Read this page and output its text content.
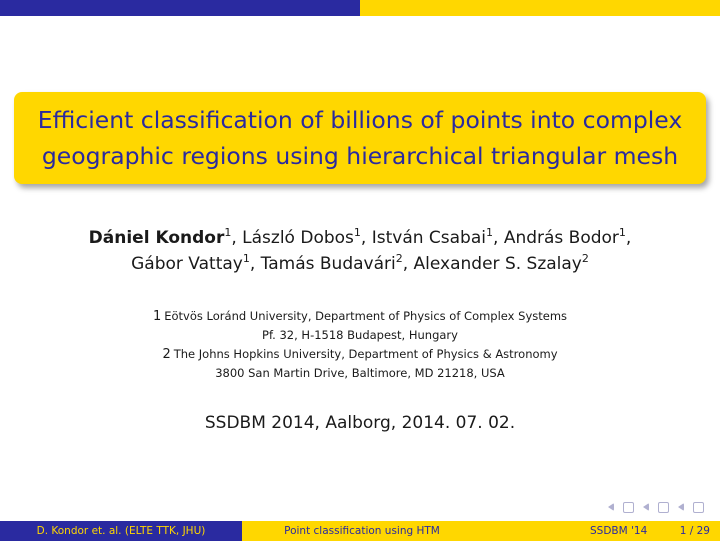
Efficient classification of billions of points into complex
geographic regions using hierarchical triangular mesh
Dániel Kondor$^1$, László Dobos$^1$, István Csabai$^1$, András Bodor$^1$,
Gábor Vattay$^1$, Tamás Budavári$^2$, Alexander S. Szalay$^2$
1 Eötvös Loránd University, Department of Physics of Complex Systems
Pf. 32, H-1518 Budapest, Hungary
2 The Johns Hopkins University, Department of Physics & Astronomy
3800 San Martin Drive, Baltimore, MD 21218, USA
SSDBM 2014, Aalborg, 2014. 07. 02.
D. Kondor et. al. (ELTE TTK, JHU)	Point classification using HTM	SSDBM '14	1 / 29
